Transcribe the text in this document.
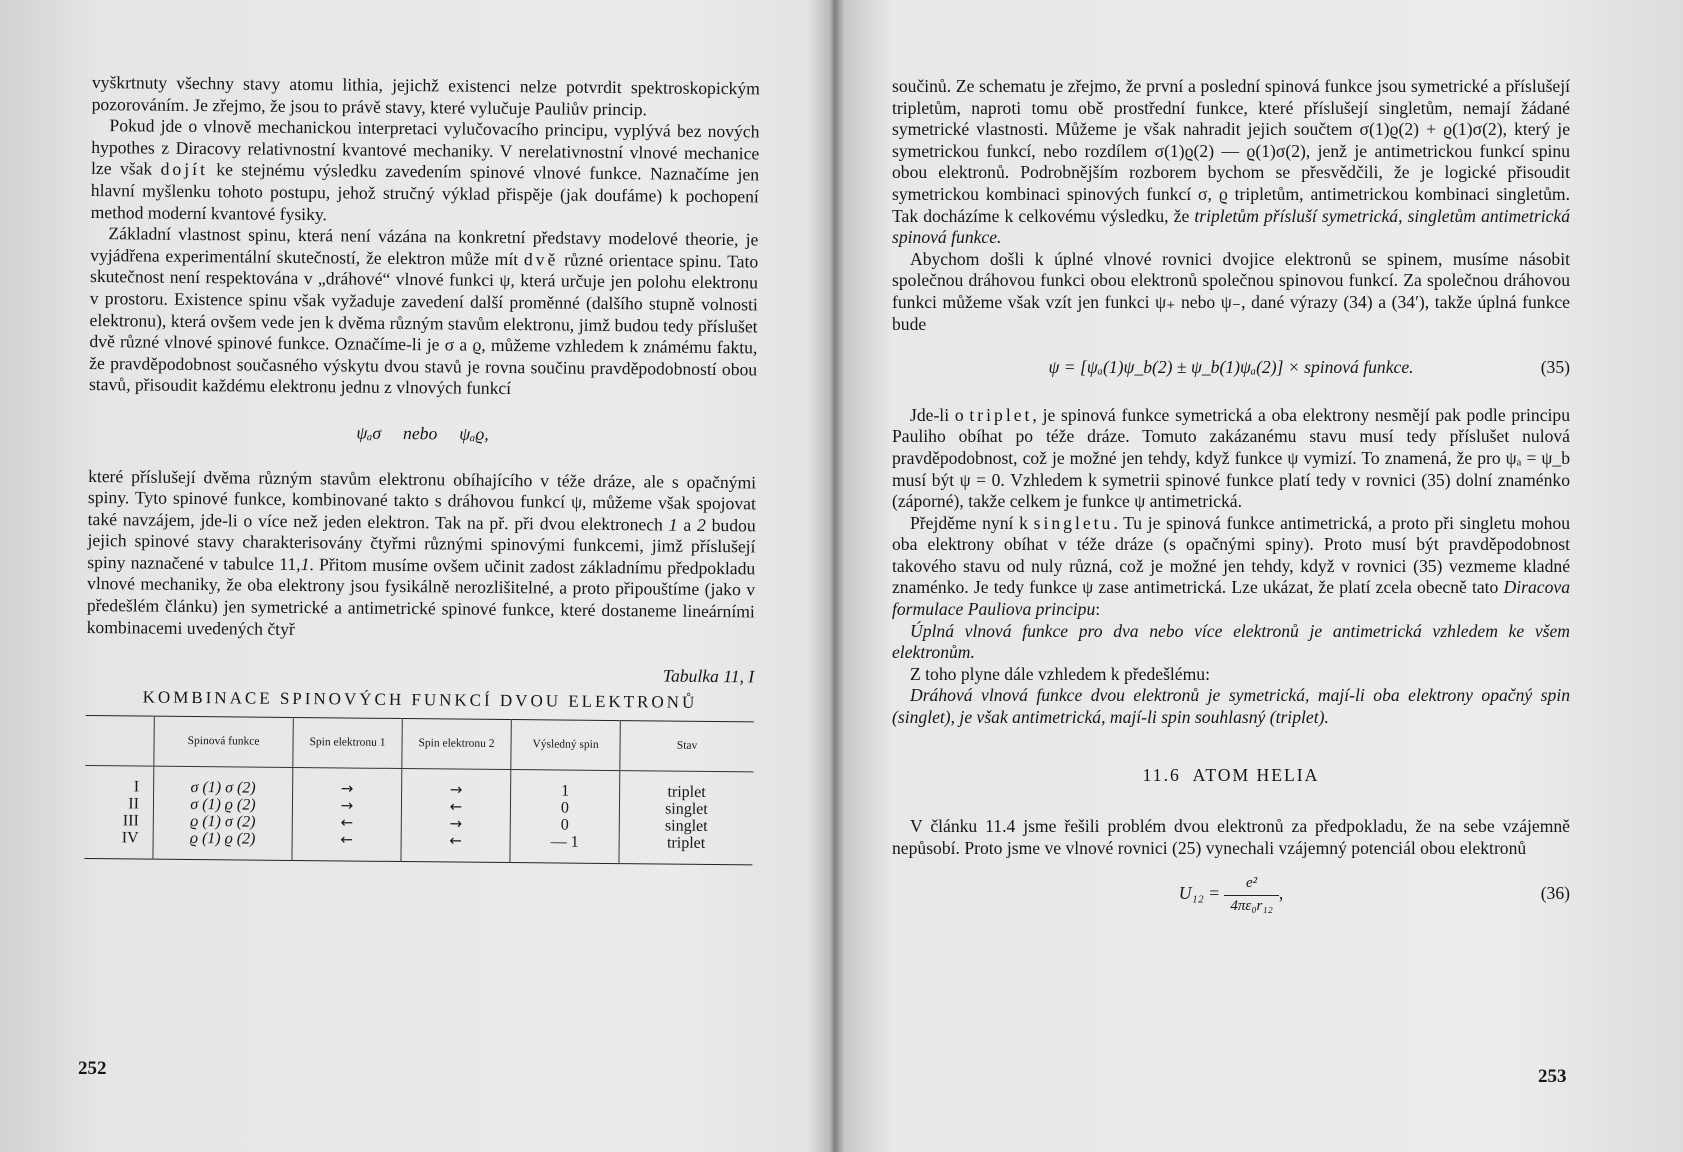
vyškrtnuty všechny stavy atomu lithia, jejichž existenci nelze potvrdit spektroskopickým pozorováním. Je zřejmo, že jsou to právě stavy, které vylučuje Pauliův princip.

Pokud jde o vlnově mechanickou interpretaci vylučovacího principu, vyplývá bez nových hypothes z Diracovy relativnostní kvantové mechaniky. V nerelativnostní vlnové mechanice lze však dojít ke stejnému výsledku zavedením spinové vlnové funkce. Naznačíme jen hlavní myšlenku tohoto postupu, jehož stručný výklad přispěje (jak doufáme) k pochopení method moderní kvantové fysiky.

Základní vlastnost spinu, která není vázána na konkretní představy modelové theorie, je vyjádřena experimentální skutečností, že elektron může mít dvě různé orientace spinu. Tato skutečnost není respektována v „dráhové“ vlnové funkci ψ, která určuje jen polohu elektronu v prostoru. Existence spinu však vyžaduje zavedení další proměnné (dalšího stupně volnosti elektronu), která ovšem vede jen k dvěma různým stavům elektronu, jimž budou tedy příslušet dvě různé vlnové spinové funkce. Označíme-li je σ a ϱ, můžeme vzhledem k známému faktu, že pravděpodobnost současného výskytu dvou stavů je rovna součinu pravděpodobností obou stavů, přisoudit každému elektronu jednu z vlnových funkcí

ψₐσ     nebo     ψₐϱ,

které příslušejí dvěma různým stavům elektronu obíhajícího v téže dráze, ale s opačnými spiny. Tyto spinové funkce, kombinované takto s dráhovou funkcí ψ, můžeme však spojovat také navzájem, jde-li o více než jeden elektron. Tak na př. při dvou elektronech 1 a 2 budou jejich spinové stavy charakterisovány čtyřmi různými spinovými funkcemi, jimž příslušejí spiny naznačené v tabulce 11,1. Přitom musíme ovšem učinit zadost základnímu předpokladu vlnové mechaniky, že oba elektrony jsou fysikálně nerozlišitelné, a proto připouštíme (jako v předešlém článku) jen symetrické a antimetrické spinové funkce, které dostaneme lineárními kombinacemi uvedených čtyř

Tabulka 11, I

KOMBINACE SPINOVÝCH FUNKCÍ DVOU ELEKTRONŮ

	Spinová funkce	Spin elektronu 1	Spin elektronu 2	Výsledný spin	Stav
I	σ (1) σ (2)	→	→	1	triplet
II	σ (1) ϱ (2)	→	←	0	singlet
III	ϱ (1) σ (2)	←	→	0	singlet
IV	ϱ (1) ϱ (2)	←	←	— 1	triplet
252

součinů. Ze schematu je zřejmo, že první a poslední spinová funkce jsou symetrické a příslušejí tripletům, naproti tomu obě prostřední funkce, které příslušejí singletům, nemají žádané symetrické vlastnosti. Můžeme je však nahradit jejich součtem σ(1)ϱ(2) + ϱ(1)σ(2), který je symetrickou funkcí, nebo rozdílem σ(1)ϱ(2) — ϱ(1)σ(2), jenž je antimetrickou funkcí spinu obou elektronů. Podrobnějším rozborem bychom se přesvědčili, že je logické přisoudit symetrickou kombinaci spinových funkcí σ, ϱ tripletům, antimetrickou kombinaci singletům. Tak docházíme k celkovému výsledku, že tripletům přísluší symetrická, singletům antimetrická spinová funkce.

Abychom došli k úplné vlnové rovnici dvojice elektronů se spinem, musíme násobit společnou dráhovou funkci obou elektronů společnou spinovou funkcí. Za společnou dráhovou funkci můžeme však vzít jen funkci ψ₊ nebo ψ₋, dané výrazy (34) a (34′), takže úplná funkce bude

ψ = [ψₐ(1)ψ_b(2) ± ψ_b(1)ψₐ(2)] × spinová funkce.	(35)

Jde-li o triplet, je spinová funkce symetrická a oba elektrony nesmějí pak podle principu Pauliho obíhat po téže dráze. Tomuto zakázanému stavu musí tedy příslušet nulová pravděpodobnost, což je možné jen tehdy, když funkce ψ vymizí. To znamená, že pro ψₐ = ψ_b musí být ψ = 0. Vzhledem k symetrii spinové funkce platí tedy v rovnici (35) dolní znaménko (záporné), takže celkem je funkce ψ antimetrická.

Přejděme nyní k singletu. Tu je spinová funkce antimetrická, a proto při singletu mohou oba elektrony obíhat v téže dráze (s opačnými spiny). Proto musí být pravděpodobnost takového stavu od nuly různá, což je možné jen tehdy, když v rovnici (35) vezmeme kladné znaménko. Je tedy funkce ψ zase antimetrická. Lze ukázat, že platí zcela obecně tato Diracova formulace Pauliova principu:

Úplná vlnová funkce pro dva nebo více elektronů je antimetrická vzhledem ke všem elektronům.

Z toho plyne dále vzhledem k předešlému:

Dráhová vlnová funkce dvou elektronů je symetrická, mají-li oba elektrony opačný spin (singlet), je však antimetrická, mají-li spin souhlasný (triplet).

11.6  ATOM HELIA

V článku 11.4 jsme řešili problém dvou elektronů za předpokladu, že na sebe vzájemně nepůsobí. Proto jsme ve vlnové rovnici (25) vynechali vzájemný potenciál obou elektronů

$U_{12} = \frac{\text{e²}}{\text{4πε₀r₁₂}}$ ,	(36)

253
